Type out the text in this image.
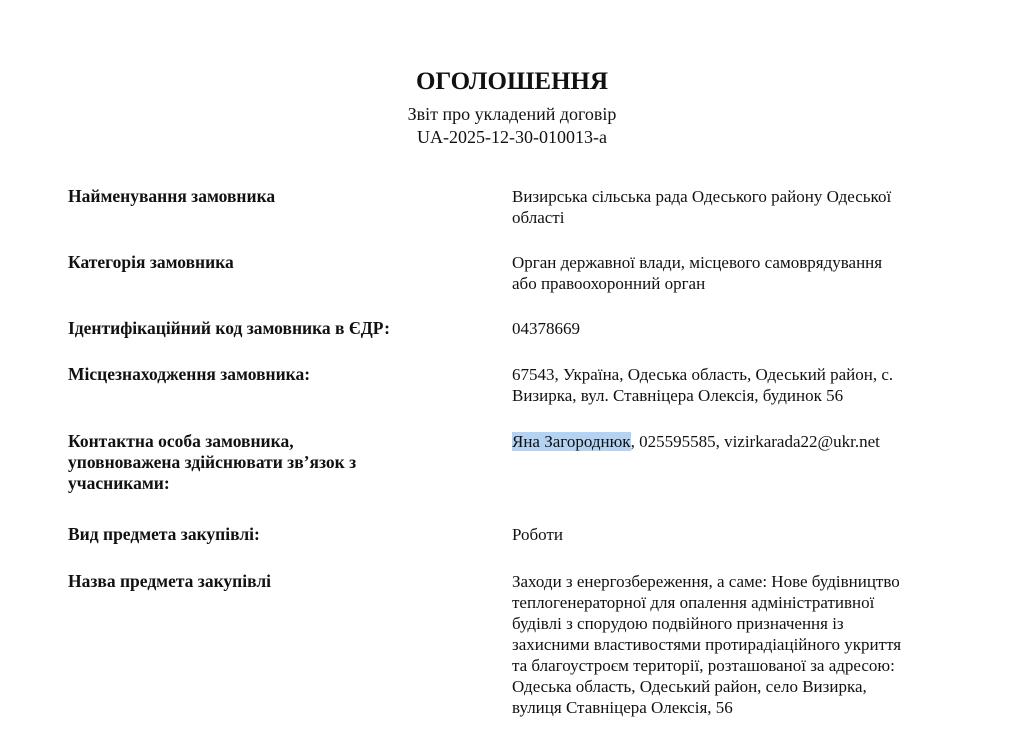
ОГОЛОШЕННЯ
Звіт про укладений договір
UA-2025-12-30-010013-a
Найменування замовника	Визирська сільська рада Одеського району Одеської
області
Категорія замовника	Орган державної влади, місцевого самоврядування
або правоохоронний орган
Ідентифікаційний код замовника в ЄДР:	04378669
Місцезнаходження замовника:	67543, Україна, Одеська область, Одеський район, с.
Визирка, вул. Ставніцера Олексія, будинок 56
Контактна особа замовника,
уповноважена здійснювати зв’язок з
учасниками:
Яна Загороднюк, 025595585, vizirkarada22@ukr.net
Вид предмета закупівлі:	Роботи
Назва предмета закупівлі	Заходи з енергозбереження, а саме: Нове будівництво
теплогенераторної для опалення адміністративної
будівлі з спорудою подвійного призначення із
захисними властивостями протирадіаційного укриття
та благоустроєм території, розташованої за адресою:
Одеська область, Одеський район, село Визирка,
вулиця Ставніцера Олексія, 56
